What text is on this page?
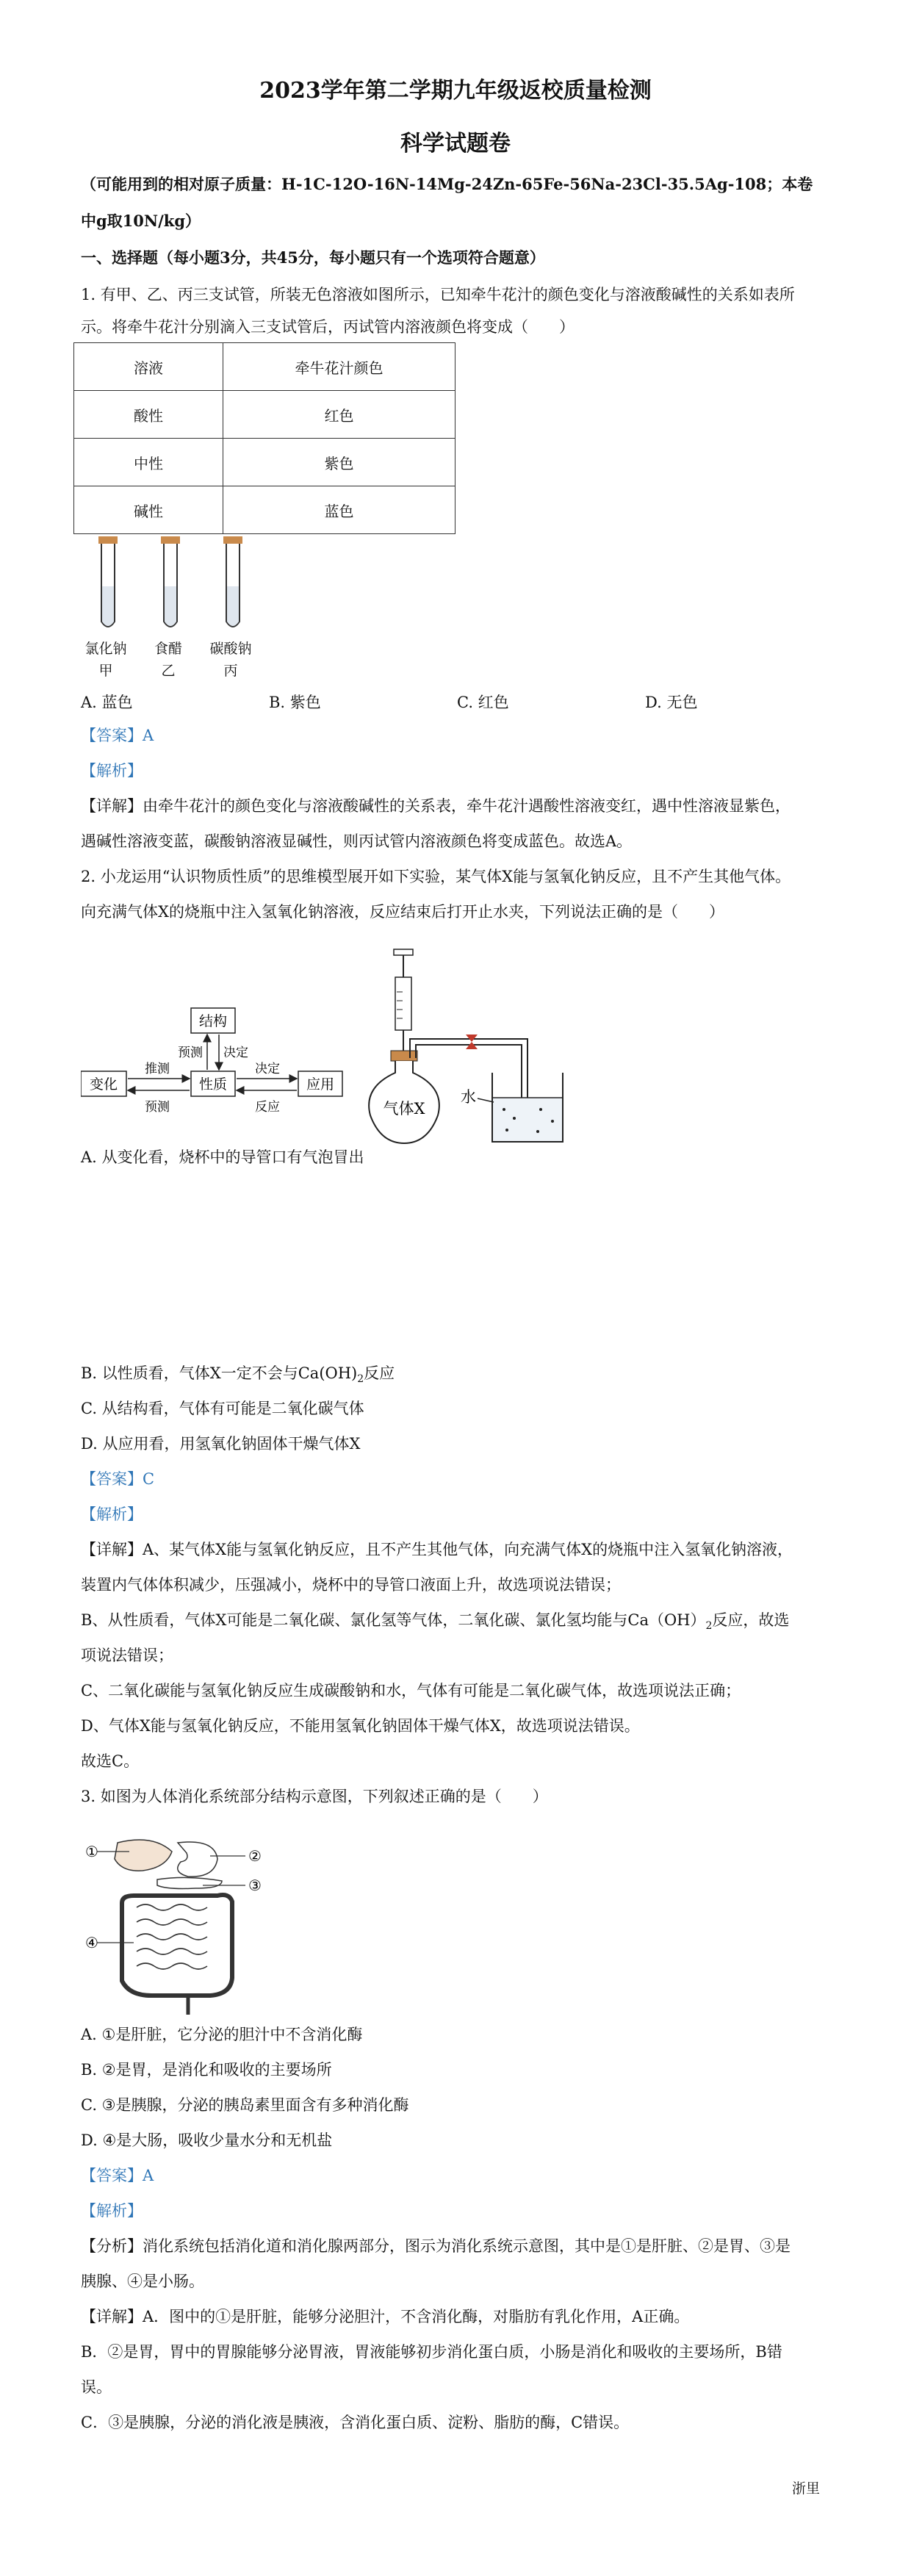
2023学年第二学期九年级返校质量检测
科学试题卷
（可能用到的相对原子质量：H-1C-12O-16N-14Mg-24Zn-65Fe-56Na-23Cl-35.5Ag-108；本卷
中g取10N/kg）
一、选择题（每小题3分，共45分，每小题只有一个选项符合题意）
1. 有甲、乙、丙三支试管，所装无色溶液如图所示，已知牵牛花汁的颜色变化与溶液酸碱性的关系如表所
示。将牵牛花汁分别滴入三支试管后，丙试管内溶液颜色将变成（　　）
溶液	牵牛花汁颜色
酸性	红色
中性	紫色
碱性	蓝色
氯化钠
甲
食醋
乙
碳酸钠
丙
A. 蓝色	B. 紫色	C. 红色	D. 无色
【答案】A
【解析】
【详解】由牵牛花汁的颜色变化与溶液酸碱性的关系表，牵牛花汁遇酸性溶液变红，遇中性溶液显紫色，
遇碱性溶液变蓝，碳酸钠溶液显碱性，则丙试管内溶液颜色将变成蓝色。故选A。
2. 小龙运用“认识物质性质”的思维模型展开如下实验，某气体X能与氢氧化钠反应，且不产生其他气体。
向充满气体X的烧瓶中注入氢氧化钠溶液，反应结束后打开止水夹，下列说法正确的是（　　）
结构
变化	性质	应用
预测 决定
推测
预测
决定
反应	气体X
水
A. 从变化看，烧杯中的导管口有气泡冒出
B. 以性质看，气体X一定不会与$Ca(OH)_2$反应
C. 从结构看，气体有可能是二氧化碳气体
D. 从应用看，用氢氧化钠固体干燥气体X
【答案】C
【解析】
【详解】A、某气体X能与氢氧化钠反应，且不产生其他气体，向充满气体X的烧瓶中注入氢氧化钠溶液，
装置内气体体积减少，压强减小，烧杯中的导管口液面上升，故选项说法错误；
B、从性质看，气体X可能是二氧化碳、氯化氢等气体，二氧化碳、氯化氢均能与$Ca(OH)_2$反应，故选
项说法错误；
C、二氧化碳能与氢氧化钠反应生成碳酸钠和水，气体有可能是二氧化碳气体，故选项说法正确；
D、气体X能与氢氧化钠反应，不能用氢氧化钠固体干燥气体X，故选项说法错误。
故选C。
3. 如图为人体消化系统部分结构示意图，下列叙述正确的是（　　）
①	②
③
④
A. ①是肝脏，它分泌的胆汁中不含消化酶
B. ②是胃，是消化和吸收的主要场所
C. ③是胰腺，分泌的胰岛素里面含有多种消化酶
D. ④是大肠，吸收少量水分和无机盐
【答案】A
【解析】
【分析】消化系统包括消化道和消化腺两部分，图示为消化系统示意图，其中是①是肝脏、②是胃、③是
胰腺、④是小肠。
【详解】A．图中的①是肝脏，能够分泌胆汁，不含消化酶，对脂肪有乳化作用，A正确。
B．②是胃，胃中的胃腺能够分泌胃液，胃液能够初步消化蛋白质，小肠是消化和吸收的主要场所，B错
误。
C．③是胰腺，分泌的消化液是胰液，含消化蛋白质、淀粉、脂肪的酶，C错误。
浙里
